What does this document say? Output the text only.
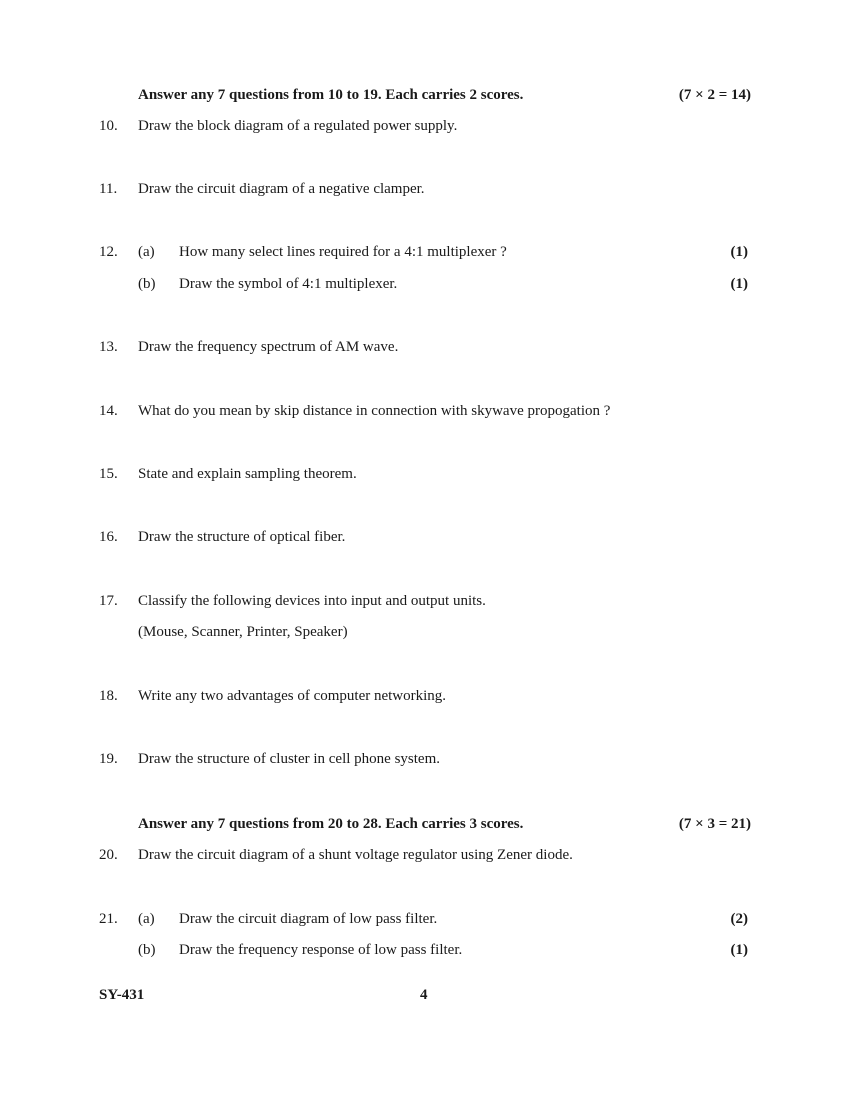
Answer any 7 questions from 10 to 19. Each carries 2 scores.	(7 × 2 = 14)
10. Draw the block diagram of a regulated power supply.
11. Draw the circuit diagram of a negative clamper.
12. (a) How many select lines required for a 4:1 multiplexer ?	(1)
(b) Draw the symbol of 4:1 multiplexer.	(1)
13. Draw the frequency spectrum of AM wave.
14. What do you mean by skip distance in connection with skywave propogation ?
15. State and explain sampling theorem.
16. Draw the structure of optical fiber.
17. Classify the following devices into input and output units.
(Mouse, Scanner, Printer, Speaker)
18. Write any two advantages of computer networking.
19. Draw the structure of cluster in cell phone system.
Answer any 7 questions from 20 to 28. Each carries 3 scores.	(7 × 3 = 21)
20. Draw the circuit diagram of a shunt voltage regulator using Zener diode.
21. (a) Draw the circuit diagram of low pass filter.	(2)
(b) Draw the frequency response of low pass filter.	(1)
SY-431	4
